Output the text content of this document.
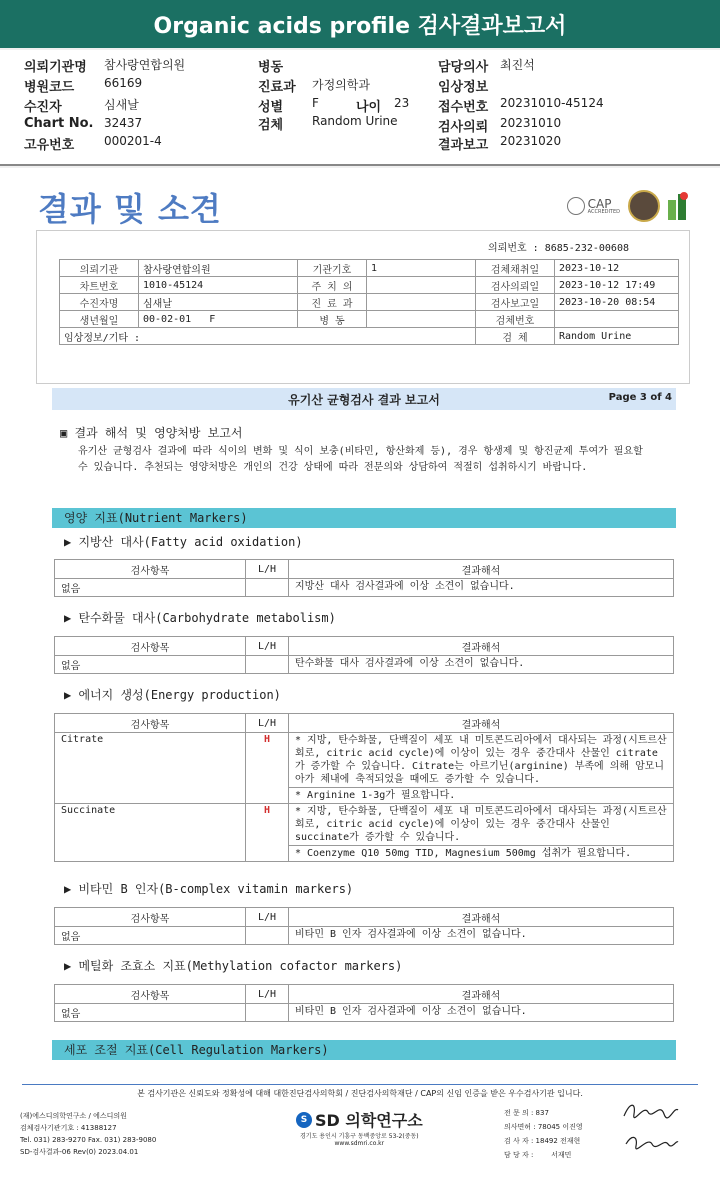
Organic acids profile 검사결과보고서
의뢰기관명 참사랑연합의원
병원코드 66169
수진자	심새날
Chart No. 32437
고유번호 000201-4
병동
진료과 가정의학과
성별 F	나이 23
검체 Random Urine
담당의사 최진석
임상정보
접수번호 20231010-45124
검사의뢰 20231010
결과보고 20231020
결과 및 소견	CAP
ACCREDITED
의뢰번호 : 8685-232-00608
의뢰기관	참사랑연합의원	기관기호	1	검체채취일	2023-10-12
차트번호	1010-45124	주 치 의		검사의뢰일	2023-10-12 17:49
수진자명	심새날	진 료 과		검사보고일	2023-10-20 08:54
생년월일	00-02-01   F	병 동		검체번호	
임상정보/기타 :				검 체	Random Urine
유기산 균형검사 결과 보고서	Page 3 of 4
▣ 결과 해석 및 영양처방 보고서
유기산 균형검사 결과에 따라 식이의 변화 및 식이 보충(비타민, 항산화제 등), 경우 항생제 및 항진균제 투여가 필요할 수 있습니다. 추천되는 영양처방은 개인의 건강 상태에 따라 전문의와 상담하여 적절히 섭취하시기 바랍니다.
영양 지표(Nutrient Markers)
▶ 지방산 대사(Fatty acid oxidation)
검사항목	L/H	결과해석
없음		지방산 대사 검사결과에 이상 소견이 없습니다.
▶ 탄수화물 대사(Carbohydrate metabolism)
검사항목	L/H	결과해석
없음		탄수화물 대사 검사결과에 이상 소견이 없습니다.
▶ 에너지 생성(Energy production)
검사항목	L/H	결과해석
Citrate	H	* 지방, 탄수화물, 단백질이 세포 내 미토콘드리아에서 대사되는 과정(시트르산 회로, citric acid cycle)에 이상이 있는 경우 중간대사 산물인 citrate가 증가할 수 있습니다. Citrate는 아르기닌(arginine) 부족에 의해 암모니아가 체내에 축적되었을 때에도 증가할 수 있습니다.
		* Arginine 1-3g가 필요합니다.
Succinate	H	* 지방, 탄수화물, 단백질이 세포 내 미토콘드리아에서 대사되는 과정(시트르산 회로, citric acid cycle)에 이상이 있는 경우 중간대사 산물인 succinate가 증가할 수 있습니다.
		* Coenzyme Q10 50mg TID, Magnesium 500mg 섭취가 필요합니다.
▶ 비타민 B 인자(B-complex vitamin markers)
검사항목	L/H	결과해석
없음		비타민 B 인자 검사결과에 이상 소견이 없습니다.
▶ 메틸화 조효소 지표(Methylation cofactor markers)
검사항목	L/H	결과해석
없음		비타민 B 인자 검사결과에 이상 소견이 없습니다.
세포 조절 지표(Cell Regulation Markers)
본 검사기관은 신뢰도와 정확성에 대해 대한진단검사의학회 / 진단검사의학재단 / CAP의 신임 인증을 받은 우수검사기관 입니다.
(재)에스디의학연구소 / 에스디의원
검체검사기관기호 : 41388127
Tel. 031) 283-9270 Fax. 031) 283-9080
SD-검사결과-06 Rev(0) 2023.04.01
S SD 의학연구소
경기도 용인시 기흥구 동백중앙로 53-2(중동)
www.sdmri.co.kr
전 문 의 : 837
의사면허 : 78045 이진영
검 사 자 : 18492 전재현
담 당 자 :        서재민
